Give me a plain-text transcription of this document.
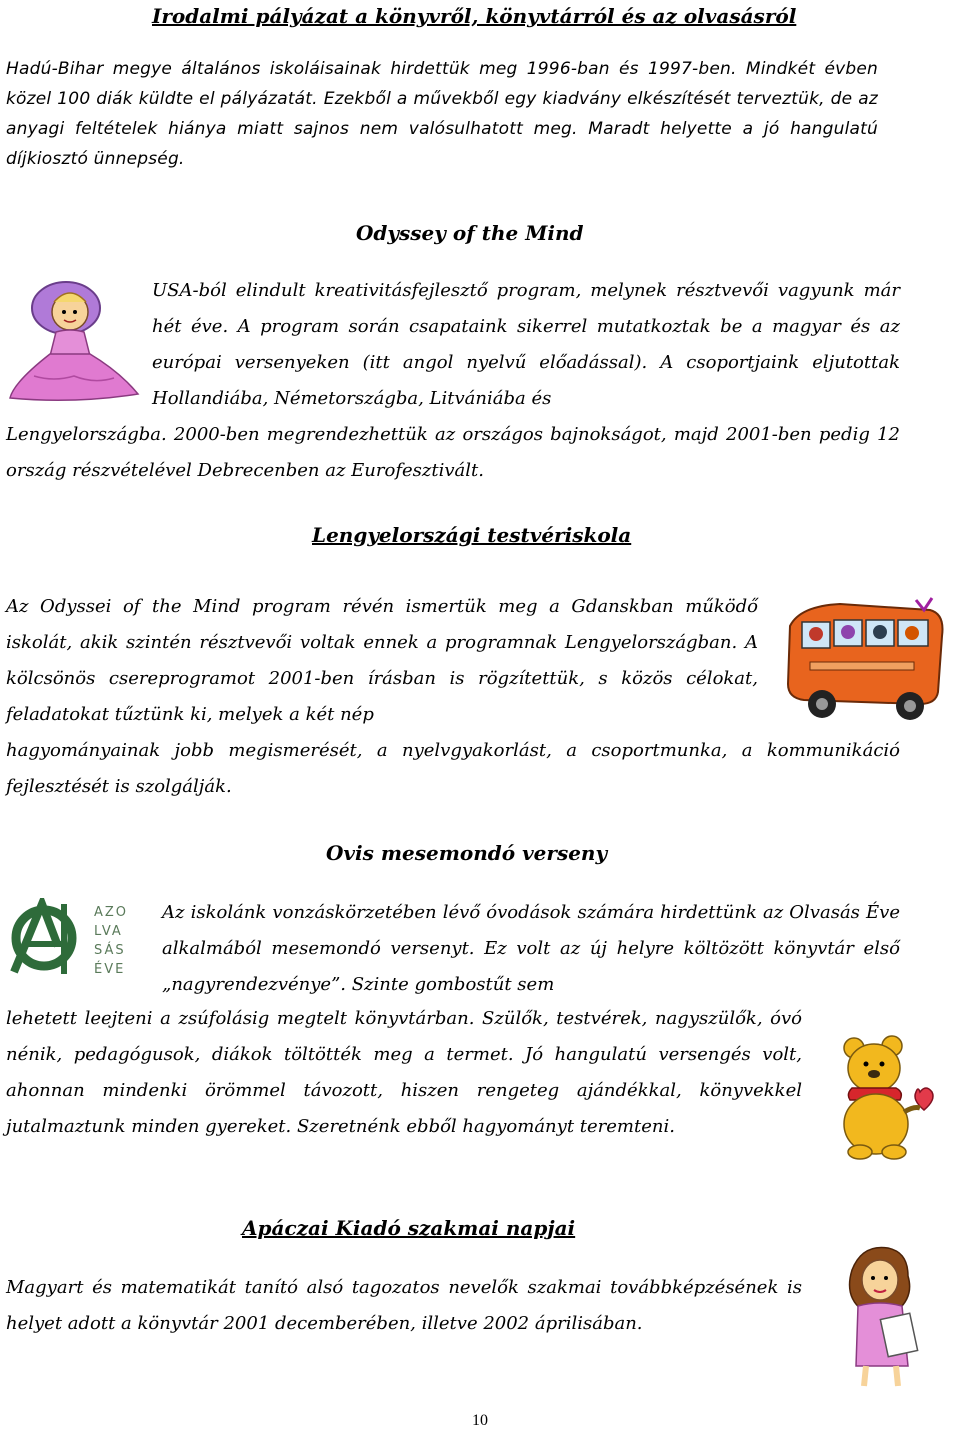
Irodalmi pályázat a könyvről, könyvtárról és az olvasásról

Hadú-Bihar megye általános iskoláisainak hirdettük meg 1996-ban és 1997-ben. Mindkét évben közel 100 diák küldte el pályázatát. Ezekből a művekből egy kiadvány elkészítését terveztük, de az anyagi feltételek hiánya miatt sajnos nem valósulhatott meg. Maradt helyette a jó hangulatú díjkiosztó ünnepség.

Odyssey of the Mind

USA-ból elindult kreativitásfejlesztő program, melynek résztvevői vagyunk már hét éve. A program során csapataink sikerrel mutatkoztak be a magyar és az európai versenyeken (itt angol nyelvű előadással). A csoportjaink eljutottak Hollandiába, Németországba, Litvániába és

Lengyelországba. 2000-ben megrendezhettük az országos bajnokságot, majd 2001-ben pedig 12 ország részvételével Debrecenben az Eurofesztivált.

Lengyelországi testvériskola

Az Odyssei of the Mind program révén ismertük meg a Gdanskban működő iskolát, akik szintén résztvevői voltak ennek a programnak Lengyelországban. A kölcsönös csereprogramot 2001-ben írásban is rögzítettük, s közös célokat, feladatokat tűztünk ki, melyek a két nép

hagyományainak jobb megismerését, a nyelvgyakorlást, a csoportmunka, a kommunikáció fejlesztését is szolgálják.

Ovis mesemondó verseny
AZO
LVA
SÁS
ÉVE

Az iskolánk vonzáskörzetében lévő óvodások számára hirdettünk az Olvasás Éve alkalmából mesemondó versenyt. Ez volt az új helyre költözött könyvtár első „nagyrendezvénye”. Szinte gombostűt sem

lehetett leejteni a zsúfolásig megtelt könyvtárban. Szülők, testvérek, nagyszülők, óvó nénik, pedagógusok, diákok töltötték meg a termet. Jó hangulatú versengés volt, ahonnan mindenki örömmel távozott, hiszen rengeteg ajándékkal, könyvekkel jutalmaztunk minden gyereket. Szeretnénk ebből hagyományt teremteni.

Apáczai Kiadó szakmai napjai

Magyart és matematikát tanító alsó tagozatos nevelők szakmai továbbképzésének is helyet adott a könyvtár 2001 decemberében, illetve 2002 áprilisában.

10
